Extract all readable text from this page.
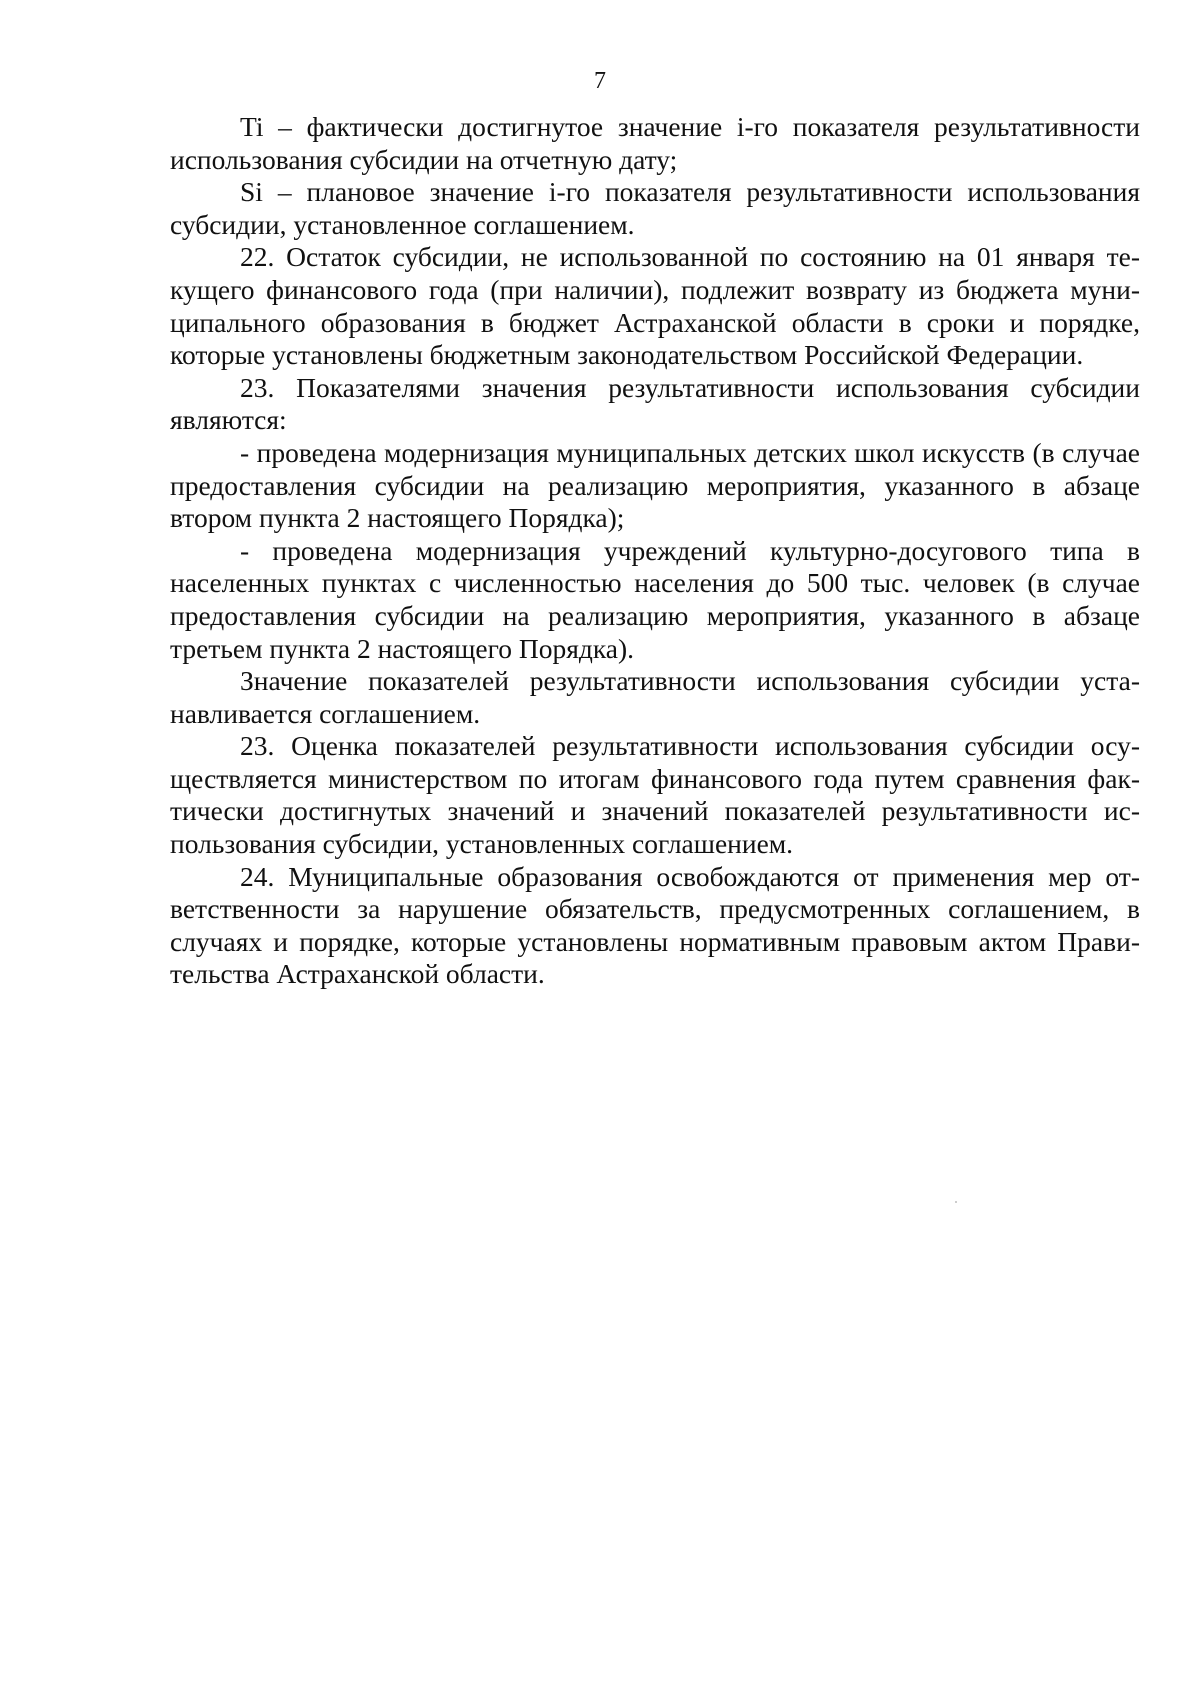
7

Ti – фактически достигнутое значение i-го показателя результативности использования субсидии на отчетную дату;

Si – плановое значение i-го показателя результативности использования субсидии, установленное соглашением.

22. Остаток субсидии, не использованной по состоянию на 01 января текущего финансового года (при наличии), подлежит возврату из бюджета муниципального образования в бюджет Астраханской области в сроки и порядке, которые установлены бюджетным законодательством Российской Федерации.

23. Показателями значения результативности использования субсидии являются:

- проведена модернизация муниципальных детских школ искусств (в случае предоставления субсидии на реализацию мероприятия, указанного в абзаце втором пункта 2 настоящего Порядка);

- проведена модернизация учреждений культурно-досугового типа в населенных пунктах с численностью населения до 500 тыс. человек (в случае предоставления субсидии на реализацию мероприятия, указанного в абзаце третьем пункта 2 настоящего Порядка).

Значение показателей результативности использования субсидии устанавливается соглашением.

23. Оценка показателей результативности использования субсидии осуществляется министерством по итогам финансового года путем сравнения фактически достигнутых значений и значений показателей результативности использования субсидии, установленных соглашением.

24. Муниципальные образования освобождаются от применения мер ответственности за нарушение обязательств, предусмотренных соглашением, в случаях и порядке, которые установлены нормативным правовым актом Правительства Астраханской области.
